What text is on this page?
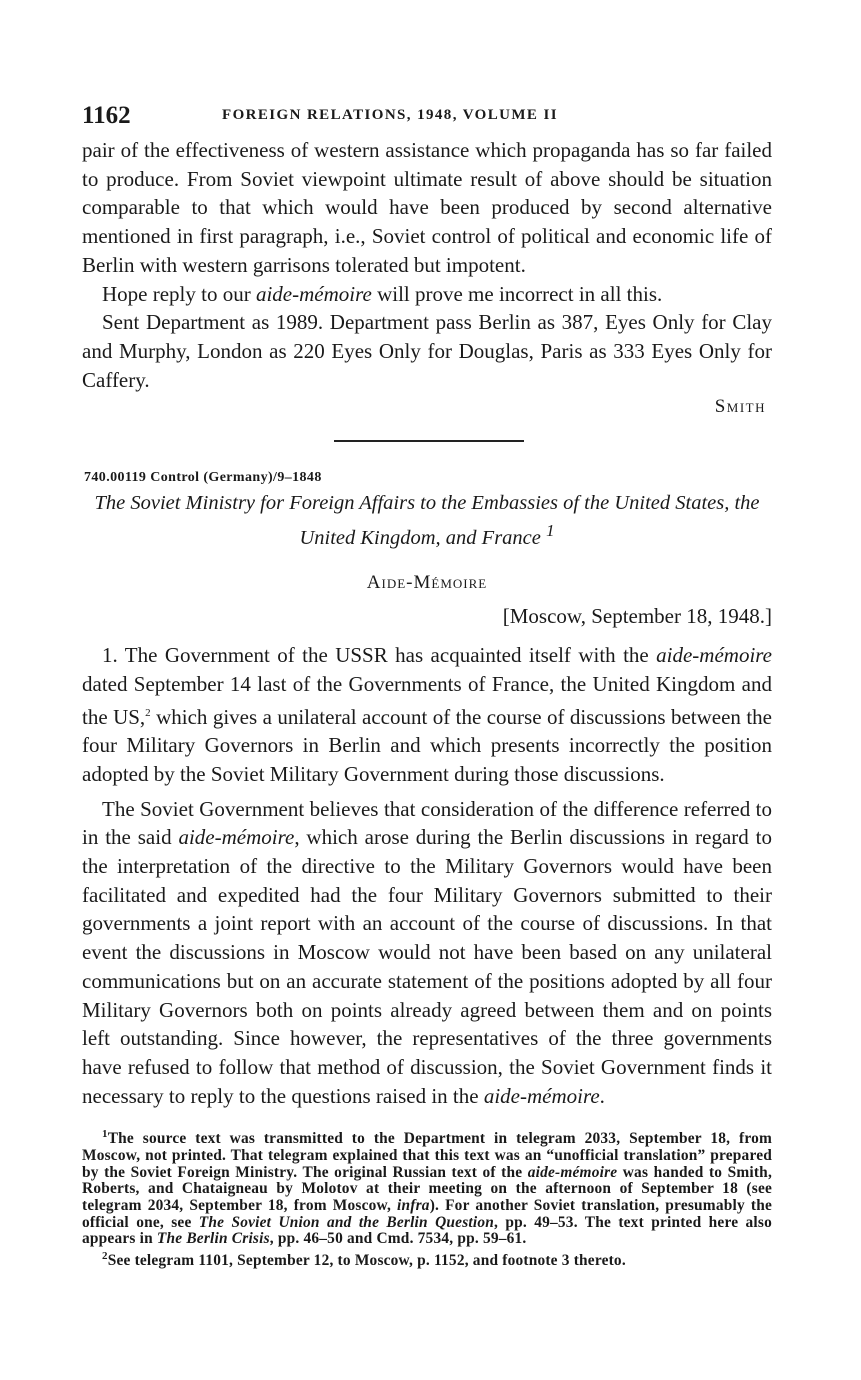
1162	FOREIGN RELATIONS, 1948, VOLUME II

pair of the effectiveness of western assistance which propaganda has so far failed to produce. From Soviet viewpoint ultimate result of above should be situation comparable to that which would have been produced by second alternative mentioned in first paragraph, i.e., Soviet control of political and economic life of Berlin with western garrisons tolerated but impotent.

Hope reply to our aide-mémoire will prove me incorrect in all this.

Sent Department as 1989. Department pass Berlin as 387, Eyes Only for Clay and Murphy, London as 220 Eyes Only for Douglas, Paris as 333 Eyes Only for Caffery.

Smith

740.00119 Control (Germany)/9–1848

The Soviet Ministry for Foreign Affairs to the Embassies of the United States, the United Kingdom, and France $^1$

Aide-Mémoire

[Moscow, September 18, 1948.]

1. The Government of the USSR has acquainted itself with the aide-mémoire dated September 14 last of the Governments of France, the United Kingdom and the US,$^2$ which gives a unilateral account of the course of discussions between the four Military Governors in Berlin and which presents incorrectly the position adopted by the Soviet Military Government during those discussions.

The Soviet Government believes that consideration of the difference referred to in the said aide-mémoire, which arose during the Berlin discussions in regard to the interpretation of the directive to the Military Governors would have been facilitated and expedited had the four Military Governors submitted to their governments a joint report with an account of the course of discussions. In that event the discussions in Moscow would not have been based on any unilateral communications but on an accurate statement of the positions adopted by all four Military Governors both on points already agreed between them and on points left outstanding. Since however, the representatives of the three governments have refused to follow that method of discussion, the Soviet Government finds it necessary to reply to the questions raised in the aide-mémoire.

$^1$The source text was transmitted to the Department in telegram 2033, September 18, from Moscow, not printed. That telegram explained that this text was an “unofficial translation” prepared by the Soviet Foreign Ministry. The original Russian text of the aide-mémoire was handed to Smith, Roberts, and Chataigneau by Molotov at their meeting on the afternoon of September 18 (see telegram 2034, September 18, from Moscow, infra). For another Soviet translation, presumably the official one, see The Soviet Union and the Berlin Question, pp. 49–53. The text printed here also appears in The Berlin Crisis, pp. 46–50 and Cmd. 7534, pp. 59–61.

$^2$See telegram 1101, September 12, to Moscow, p. 1152, and footnote 3 thereto.
